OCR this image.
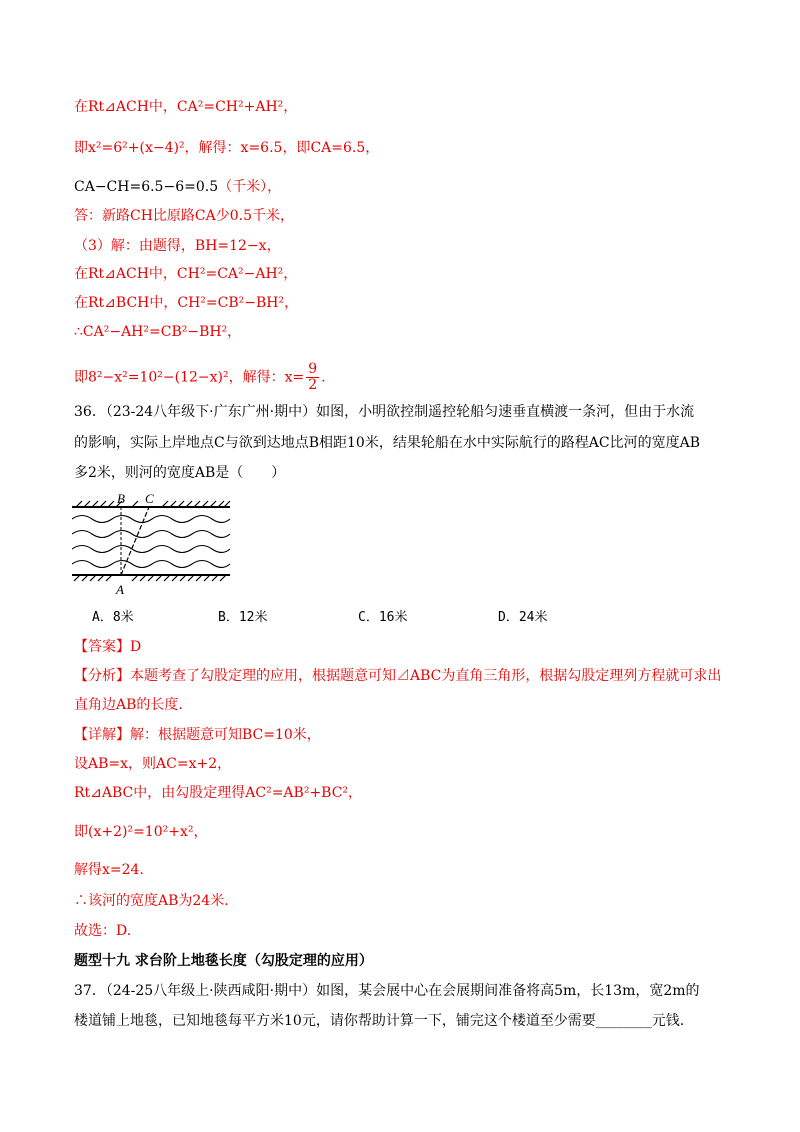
在Rt⊿ACH中，CA²=CH²+AH²，
即x²=6²+(x−4)²，解得：x=6.5，即CA=6.5，
CA−CH=6.5−6=0.5（千米），
答：新路CH比原路CA少0.5千米，
（3）解：由题得，BH=12−x，
在Rt⊿ACH中，CH²=CA²−AH²，
在Rt⊿BCH中，CH²=CB²−BH²，
∴CA²−AH²=CB²−BH²，
即8²−x²=10²−(12−x)²，解得：$x= \frac{9}{2}$ .
36．（23-24八年级下·广东广州·期中）如图，小明欲控制遥控轮船匀速垂直横渡一条河，但由于水流
的影响，实际上岸地点C与欲到达地点B相距10米，结果轮船在水中实际航行的路程AC比河的宽度AB
多2米，则河的宽度AB是（　　）
B C
A
A．8米	B．12米	C．16米	D．24米
【答案】D
【分析】本题考查了勾股定理的应用，根据题意可知⊿ABC为直角三角形，根据勾股定理列方程就可求出
直角边AB的长度.
【详解】解：根据题意可知BC=10米，
设AB=x，则AC=x+2，
Rt⊿ABC中，由勾股定理得AC²=AB²+BC²，
即(x+2)²=10²+x²，
解得x=24．
∴该河的宽度AB为24米.
故选：D.
题型十九 求台阶上地毯长度（勾股定理的应用）
37．（24-25八年级上·陕西咸阳·期中）如图，某会展中心在会展期间准备将高5m，长13m，宽2m的
楼道铺上地毯，已知地毯每平方米10元，请你帮助计算一下，铺完这个楼道至少需要________元钱.
